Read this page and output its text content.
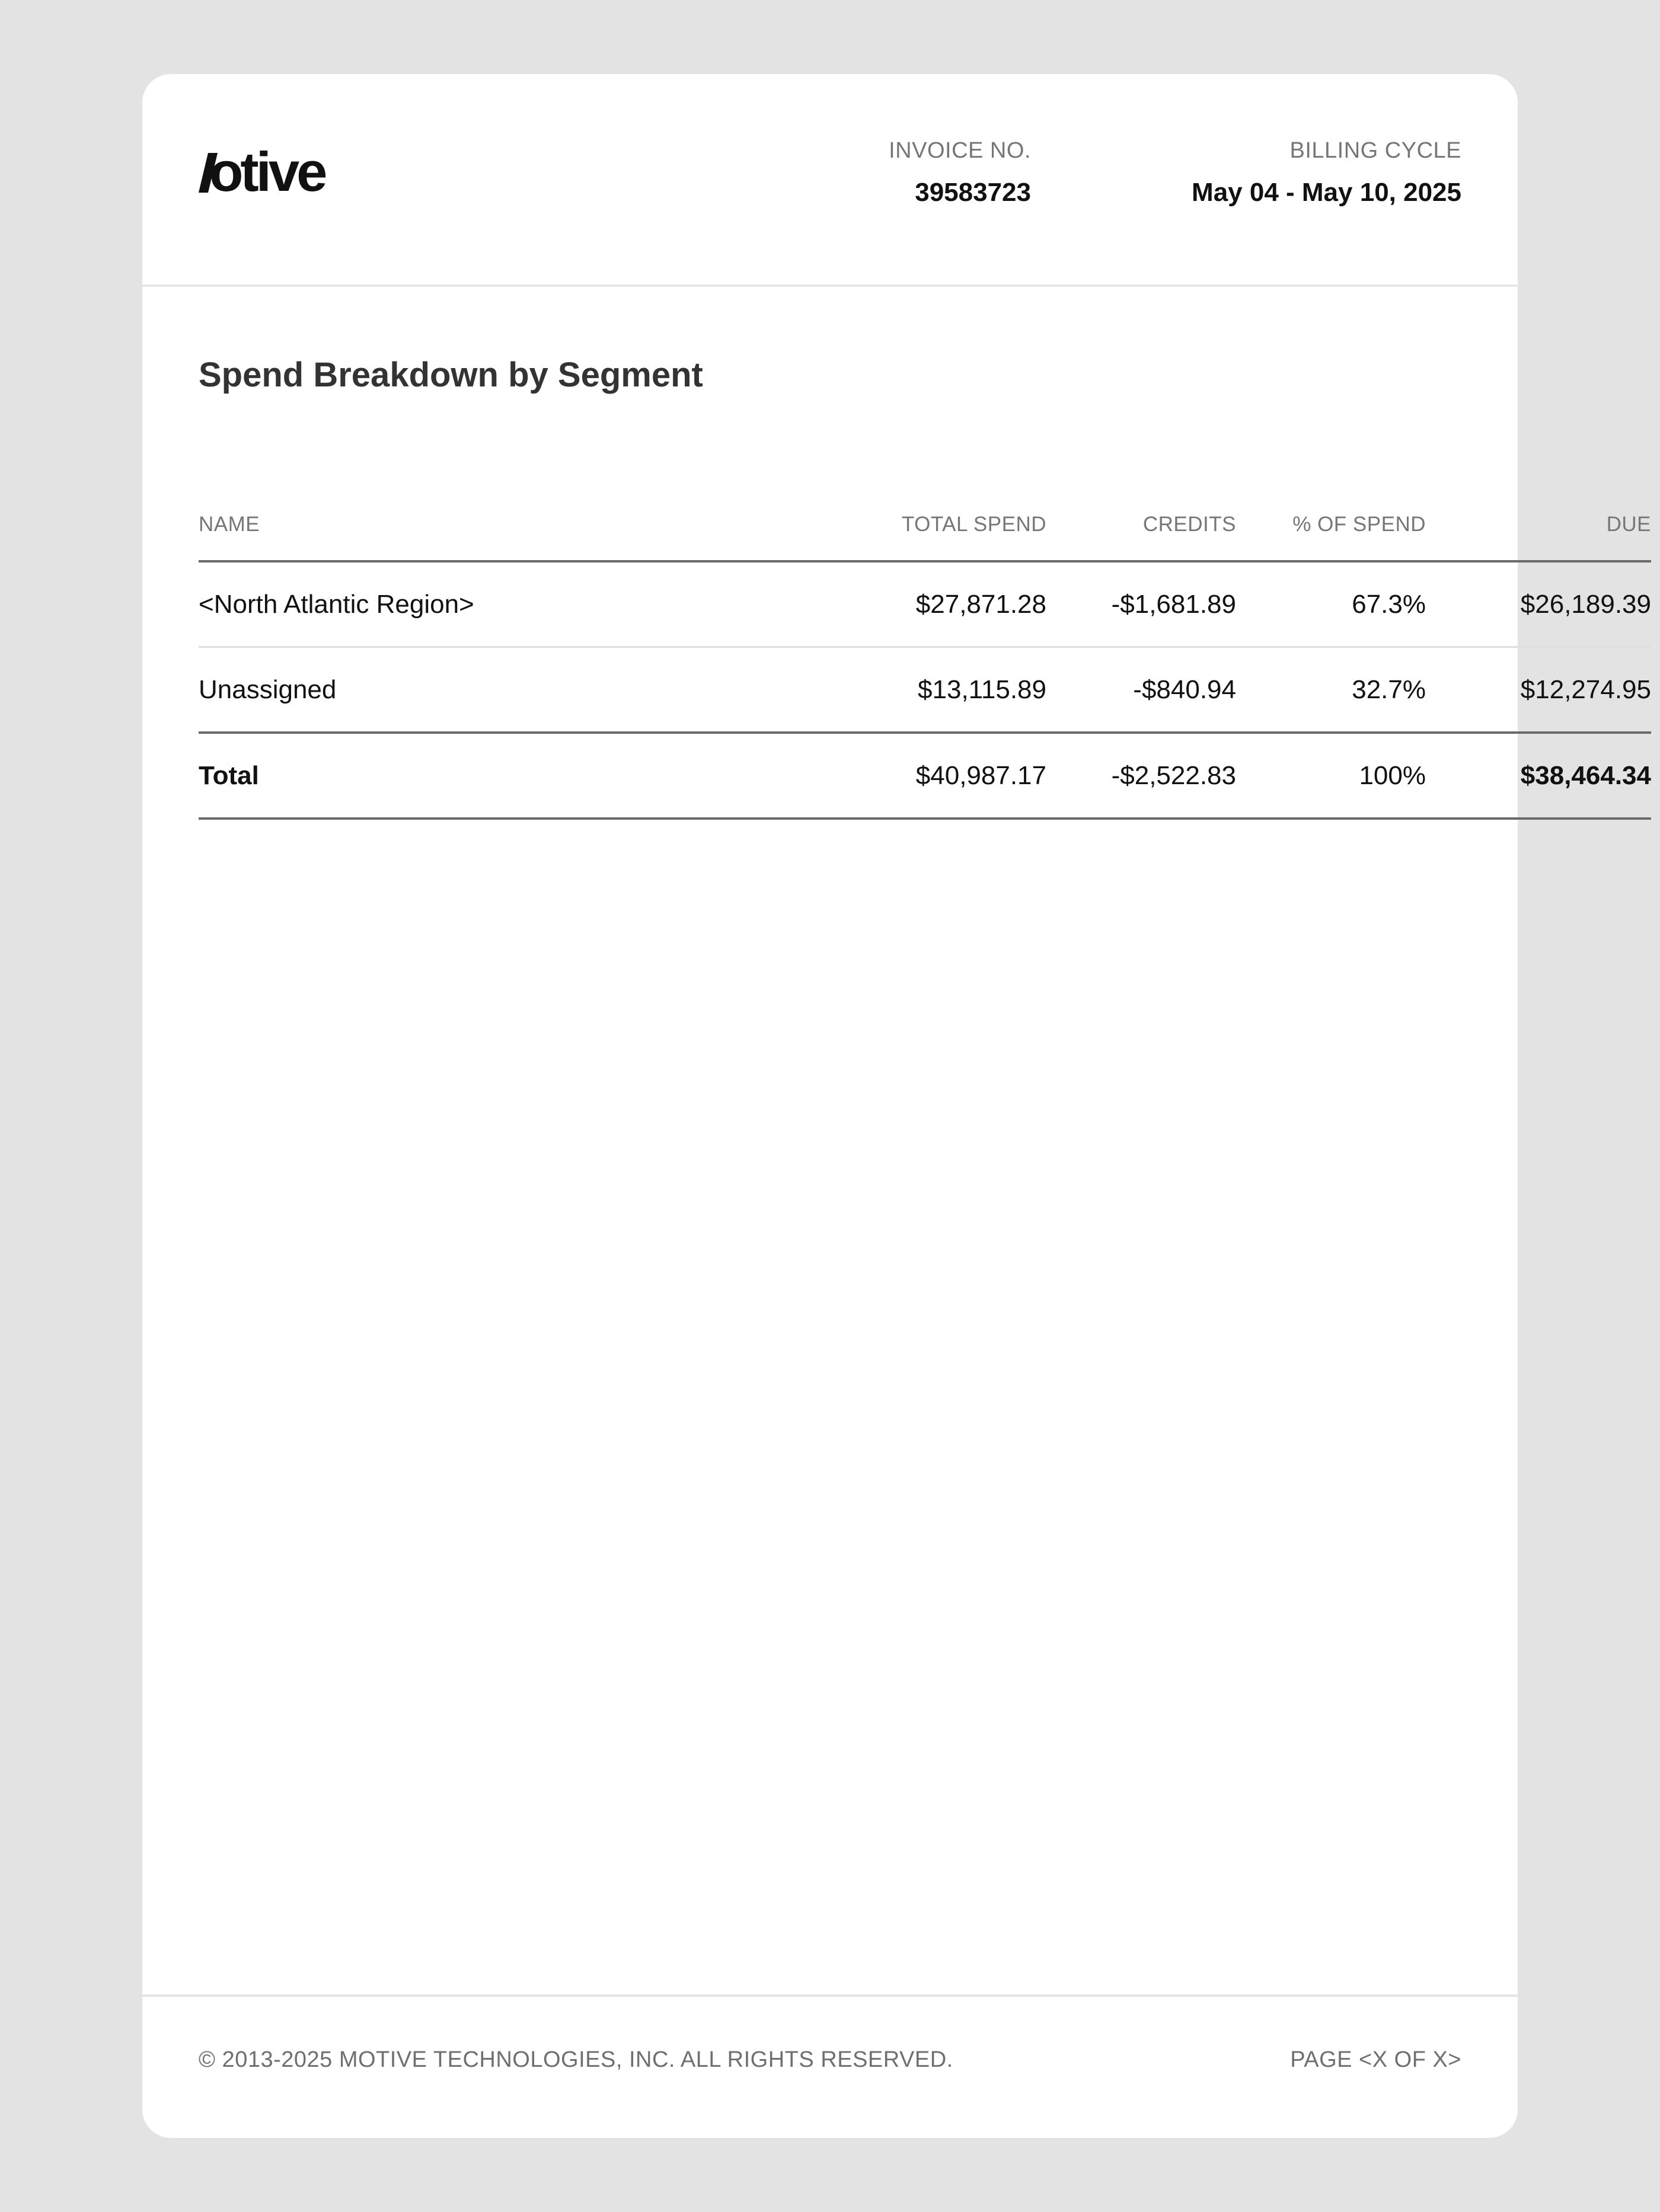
otive	INVOICE NO.
39583723
BILLING CYCLE
May 04 - May 10, 2025
Spend Breakdown by Segment
NAME	TOTAL SPEND	CREDITS	% OF SPEND	DUE
<North Atlantic Region>	$27,871.28	-$1,681.89	67.3%	$26,189.39
Unassigned	$13,115.89	-$840.94	32.7%	$12,274.95
Total	$40,987.17	-$2,522.83	100%	$38,464.34
© 2013-2025 MOTIVE TECHNOLOGIES, INC. ALL RIGHTS RESERVED.	PAGE <X OF X>
